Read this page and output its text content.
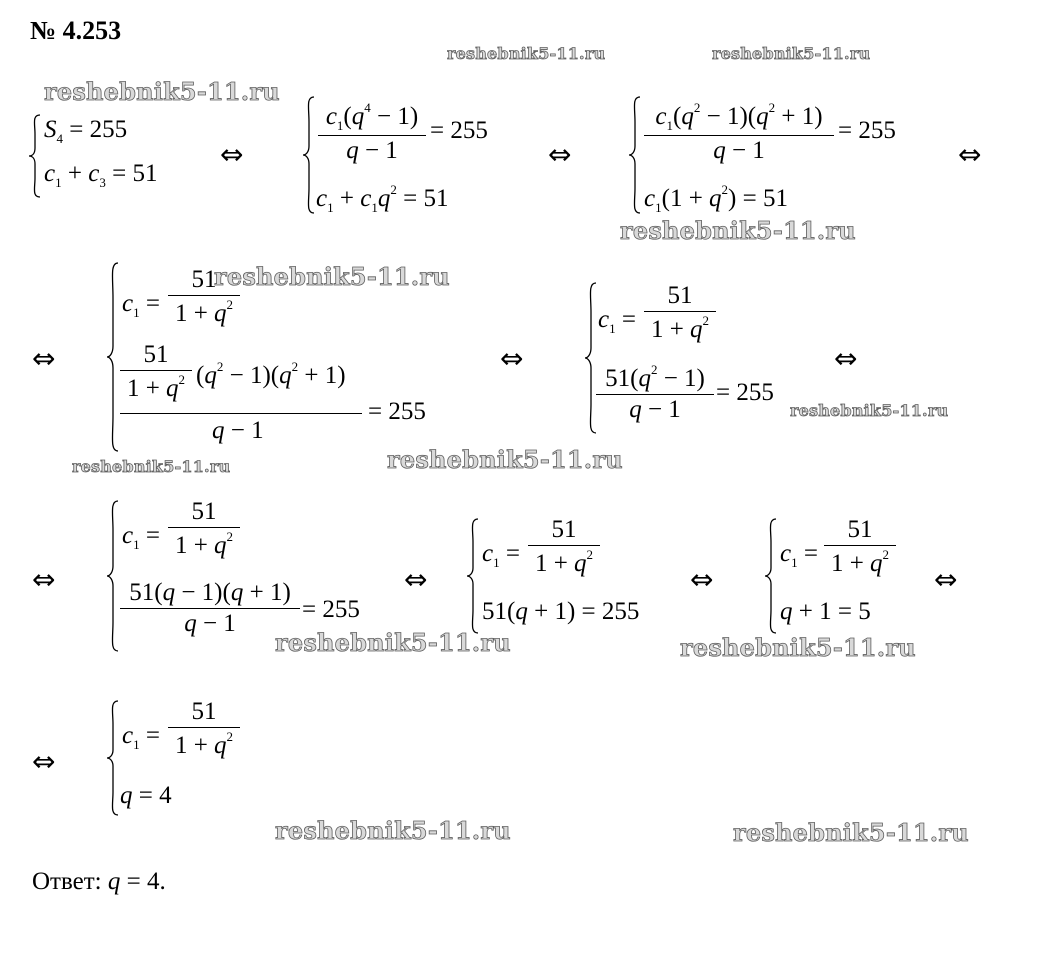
№ 4.253
reshebnik5-11.ru	reshebnik5-11.ru
reshebnik5-11.ru
reshebnik5-11.ru
reshebnik5-11.ru
reshebnik5-11.ru
reshebnik5-11.ru	reshebnik5-11.ru
reshebnik5-11.ru	reshebnik5-11.ru
reshebnik5-11.ru	reshebnik5-11.ru
$S_4 = 255$
$c_1 + c_3 = 51$
⇔
$c_1(q^4 - 1)$
q − 1
= 255
$c_1 + c_1q^2 = 51$
⇔
$c_1(q^2 - 1)(q^2 + 1)$
q − 1
= 255
$c_1(1 + q^2) = 51$
⇔
⇔
$c_1$ =
51
$1 + q^2$
51
$1 + q^2$ $(q^2 - 1)(q^2 + 1)$
q − 1
= 255
⇔
$c_1$ =
51
$1 + q^2$
$51(q^2 - 1)$
q − 1
= 255
⇔
⇔
$c_1$ =
51
$1 + q^2$
51(q − 1)(q + 1)
q − 1
= 255
⇔
$c_1$ =
51
$1 + q^2$
51(q + 1) = 255
⇔
$c_1$ =
51
$1 + q^2$
q + 1 = 5
⇔
⇔
$c_1$ =
51
$1 + q^2$
q = 4
Ответ: q = 4.
